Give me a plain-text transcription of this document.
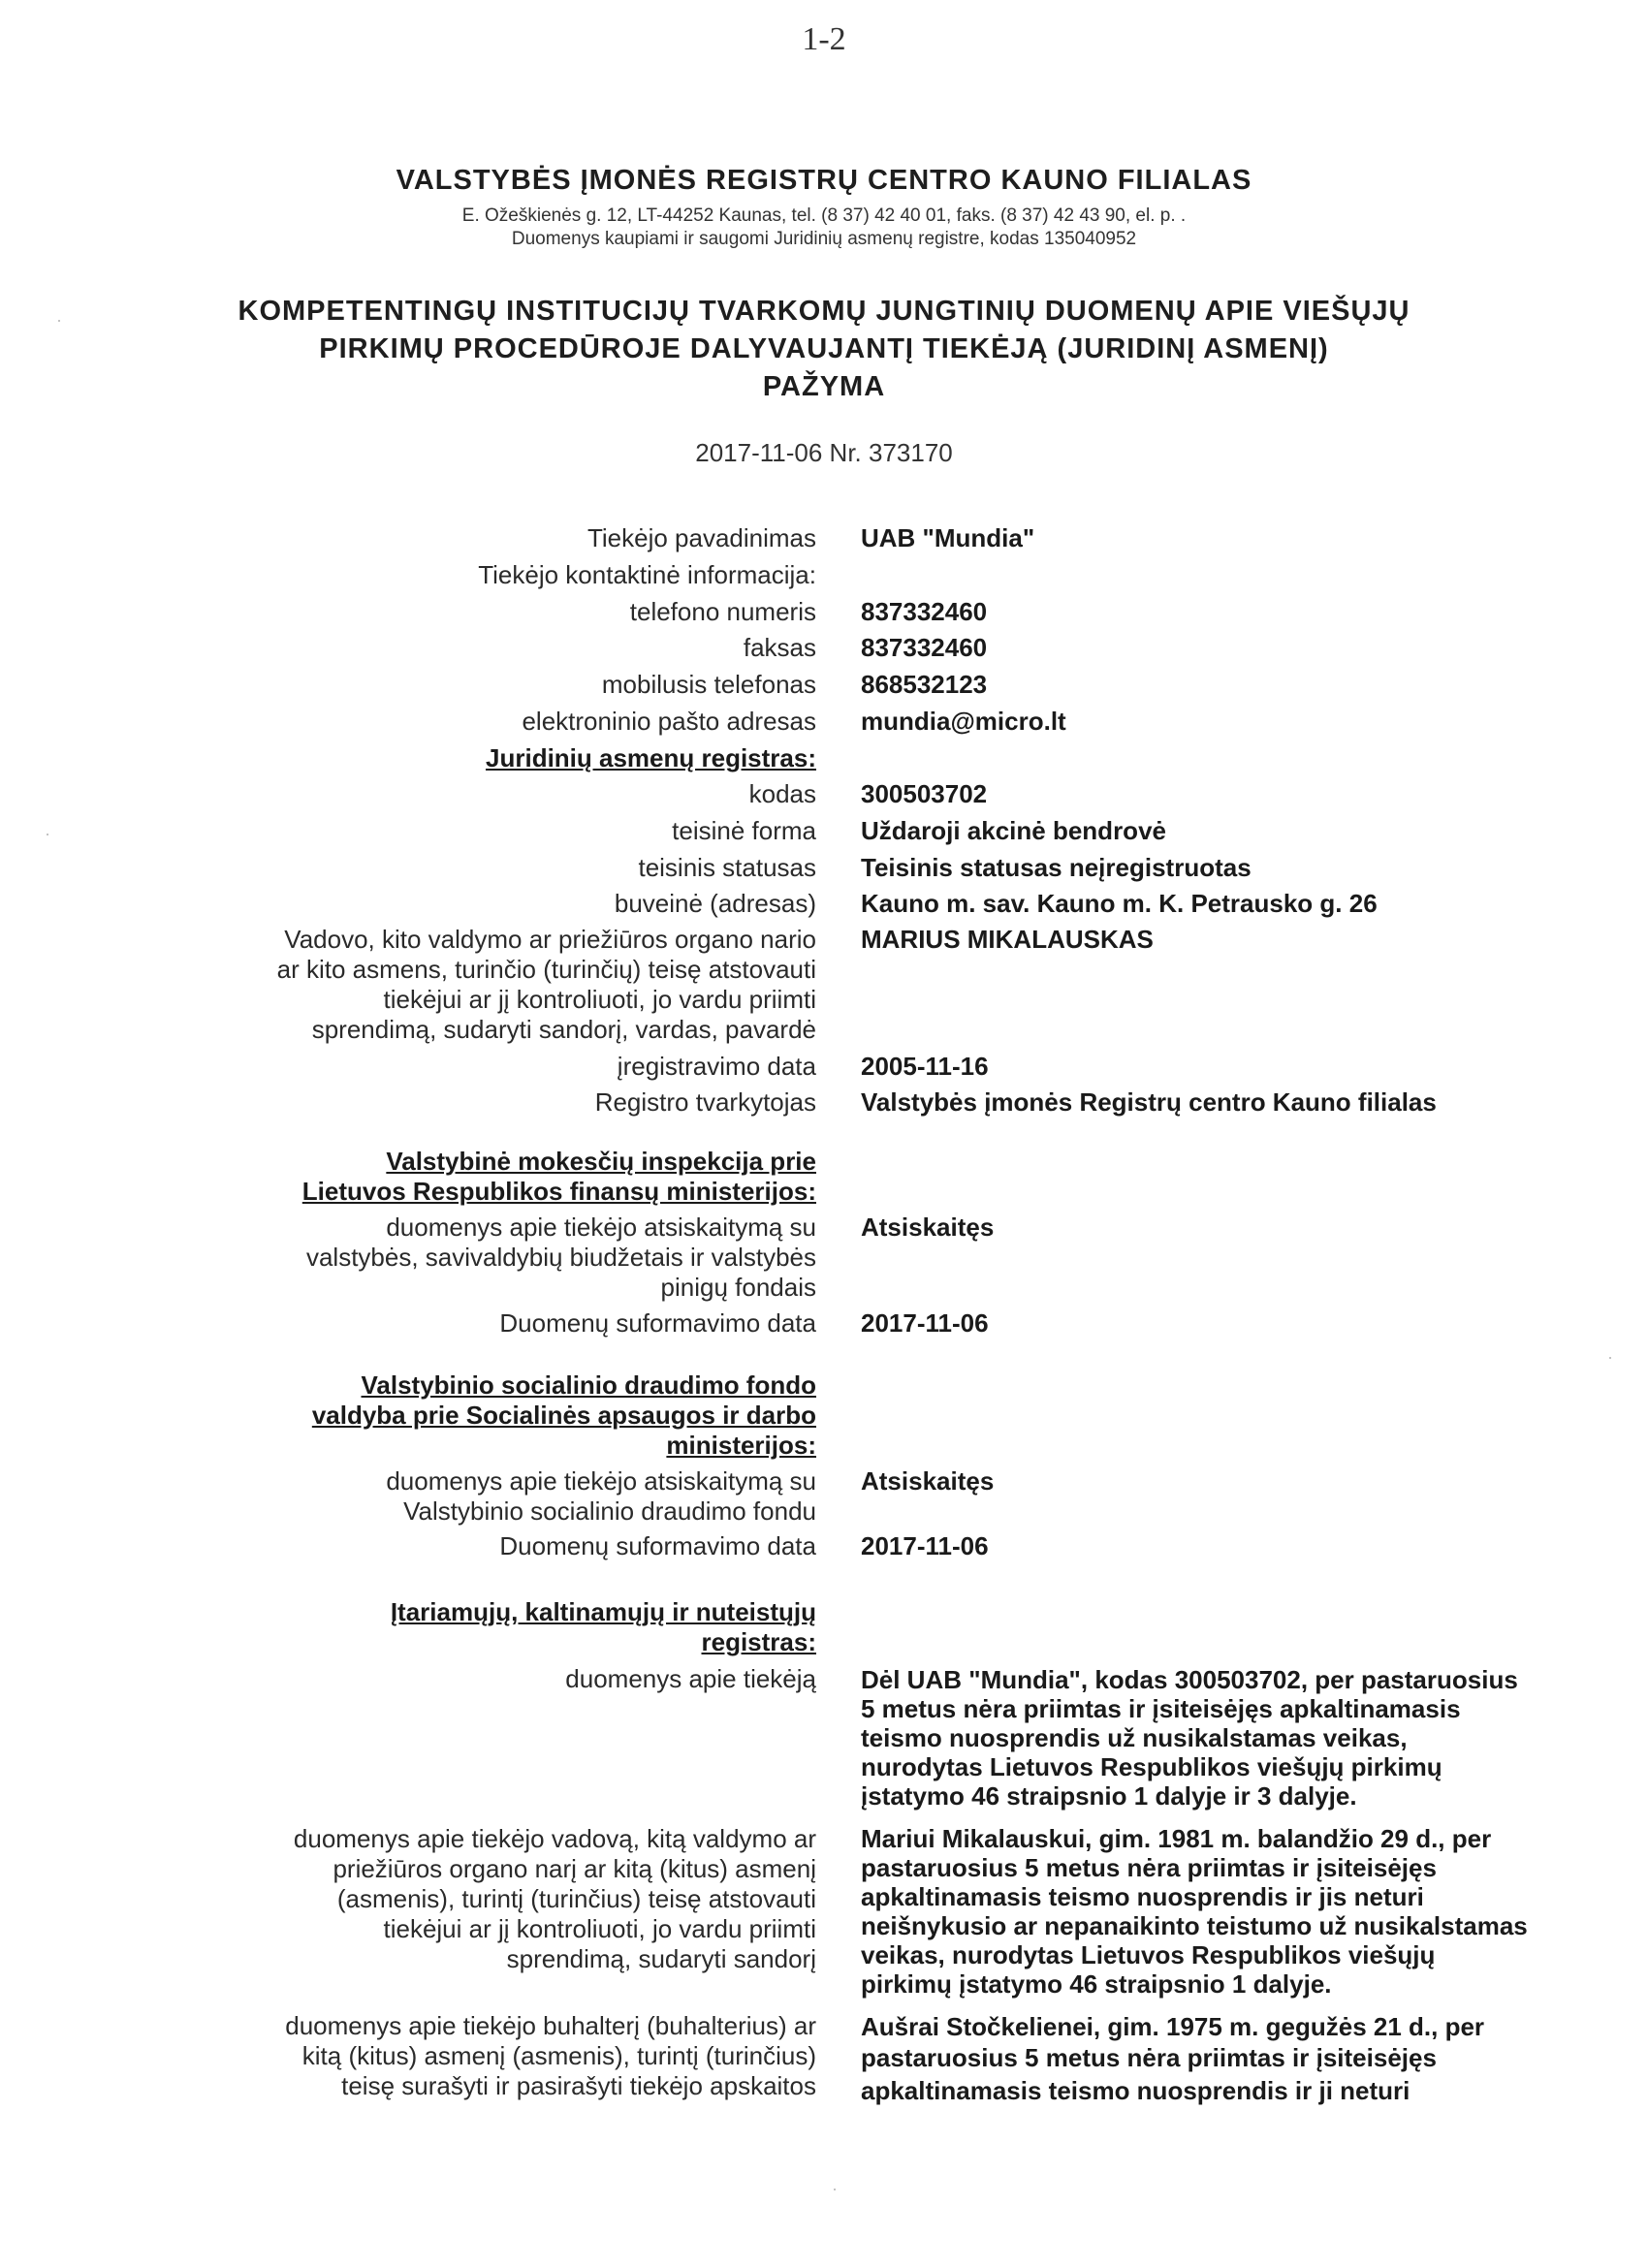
1-2
VALSTYBĖS ĮMONĖS REGISTRŲ CENTRO KAUNO FILIALAS
E. Ožeškienės g. 12, LT-44252 Kaunas, tel. (8 37) 42 40 01, faks. (8 37) 42 43 90, el. p. .
Duomenys kaupiami ir saugomi Juridinių asmenų registre, kodas 135040952
KOMPETENTINGŲ INSTITUCIJŲ TVARKOMŲ JUNGTINIŲ DUOMENŲ APIE VIEŠŲJŲ
PIRKIMŲ PROCEDŪROJE DALYVAUJANTĮ TIEKĖJĄ (JURIDINĮ ASMENĮ)
PAŽYMA
2017-11-06 Nr. 373170
Tiekėjo pavadinimas UAB "Mundia"
Tiekėjo kontaktinė informacija:
telefono numeris 837332460
faksas 837332460
mobilusis telefonas 868532123
elektroninio pašto adresas mundia@micro.lt
Juridinių asmenų registras:
kodas 300503702
teisinė forma Uždaroji akcinė bendrovė
teisinis statusas Teisinis statusas neįregistruotas
buveinė (adresas) Kauno m. sav. Kauno m. K. Petrausko g. 26
Vadovo, kito valdymo ar priežiūros organo nario
ar kito asmens, turinčio (turinčių) teisę atstovauti
tiekėjui ar jį kontroliuoti, jo vardu priimti
sprendimą, sudaryti sandorį, vardas, pavardė
MARIUS MIKALAUSKAS
įregistravimo data 2005-11-16
Registro tvarkytojas Valstybės įmonės Registrų centro Kauno filialas
Valstybinė mokesčių inspekcija prie
Lietuvos Respublikos finansų ministerijos:
duomenys apie tiekėjo atsiskaitymą su
valstybės, savivaldybių biudžetais ir valstybės
pinigų fondais
Atsiskaitęs
Duomenų suformavimo data 2017-11-06
Valstybinio socialinio draudimo fondo
valdyba prie Socialinės apsaugos ir darbo
ministerijos:
duomenys apie tiekėjo atsiskaitymą su
Valstybinio socialinio draudimo fondu
Atsiskaitęs
Duomenų suformavimo data 2017-11-06
Įtariamųjų, kaltinamųjų ir nuteistųjų
registras:
duomenys apie tiekėją Dėl UAB "Mundia", kodas 300503702, per pastaruosius
5 metus nėra priimtas ir įsiteisėjęs apkaltinamasis
teismo nuosprendis už nusikalstamas veikas,
nurodytas Lietuvos Respublikos viešųjų pirkimų
įstatymo 46 straipsnio 1 dalyje ir 3 dalyje.
duomenys apie tiekėjo vadovą, kitą valdymo ar
priežiūros organo narį ar kitą (kitus) asmenį
(asmenis), turintį (turinčius) teisę atstovauti
tiekėjui ar jį kontroliuoti, jo vardu priimti
sprendimą, sudaryti sandorį
Mariui Mikalauskui, gim. 1981 m. balandžio 29 d., per
pastaruosius 5 metus nėra priimtas ir įsiteisėjęs
apkaltinamasis teismo nuosprendis ir jis neturi
neišnykusio ar nepanaikinto teistumo už nusikalstamas
veikas, nurodytas Lietuvos Respublikos viešųjų
pirkimų įstatymo 46 straipsnio 1 dalyje.
duomenys apie tiekėjo buhalterį (buhalterius) ar
kitą (kitus) asmenį (asmenis), turintį (turinčius)
teisę surašyti ir pasirašyti tiekėjo apskaitos
Aušrai Stočkelienei, gim. 1975 m. gegužės 21 d., per
pastaruosius 5 metus nėra priimtas ir įsiteisėjęs
apkaltinamasis teismo nuosprendis ir ji neturi
